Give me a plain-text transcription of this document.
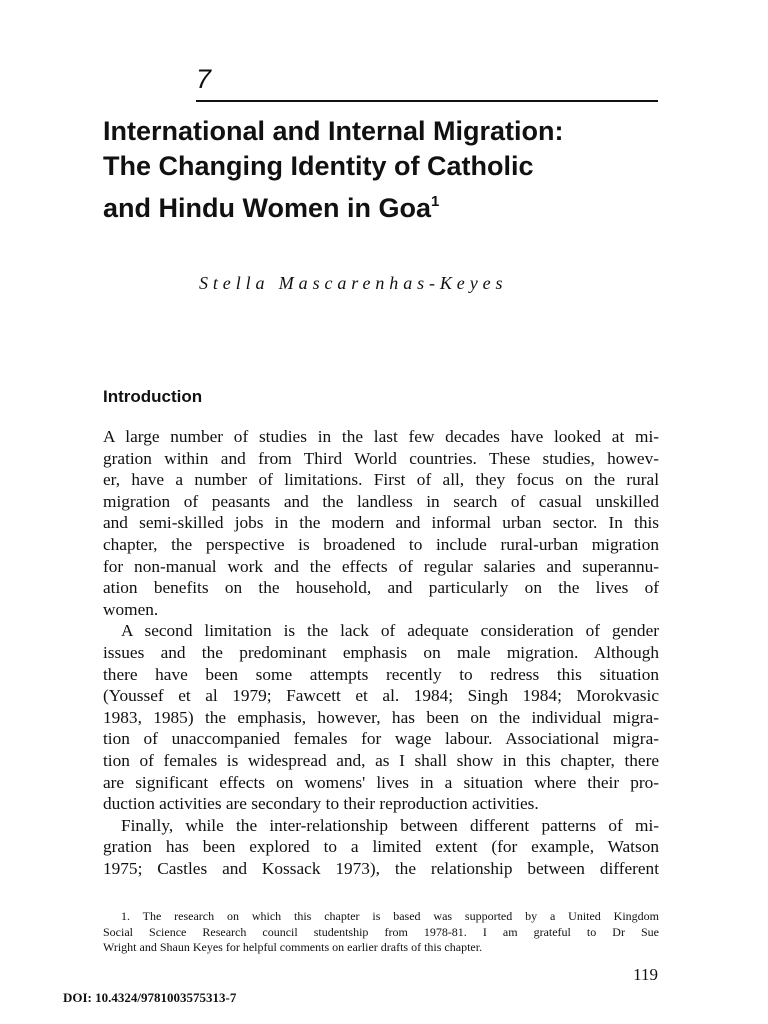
7
International and Internal Migration:
The Changing Identity of Catholic
and Hindu Women in Goa$^1$
Stella Mascarenhas-Keyes
Introduction
A large number of studies in the last few decades have looked at mi-
gration within and from Third World countries. These studies, howev-
er, have a number of limitations. First of all, they focus on the rural
migration of peasants and the landless in search of casual unskilled
and semi-skilled jobs in the modern and informal urban sector. In this
chapter, the perspective is broadened to include rural-urban migration
for non-manual work and the effects of regular salaries and superannu-
ation benefits on the household, and particularly on the lives of
women.
A second limitation is the lack of adequate consideration of gender
issues and the predominant emphasis on male migration. Although
there have been some attempts recently to redress this situation
(Youssef et al 1979; Fawcett et al. 1984; Singh 1984; Morokvasic
1983, 1985) the emphasis, however, has been on the individual migra-
tion of unaccompanied females for wage labour. Associational migra-
tion of females is widespread and, as I shall show in this chapter, there
are significant effects on womens' lives in a situation where their pro-
duction activities are secondary to their reproduction activities.
Finally, while the inter-relationship between different patterns of mi-
gration has been explored to a limited extent (for example, Watson
1975; Castles and Kossack 1973), the relationship between different
1. The research on which this chapter is based was supported by a United Kingdom
Social Science Research council studentship from 1978-81. I am grateful to Dr Sue
Wright and Shaun Keyes for helpful comments on earlier drafts of this chapter.
119
DOI: 10.4324/9781003575313-7
